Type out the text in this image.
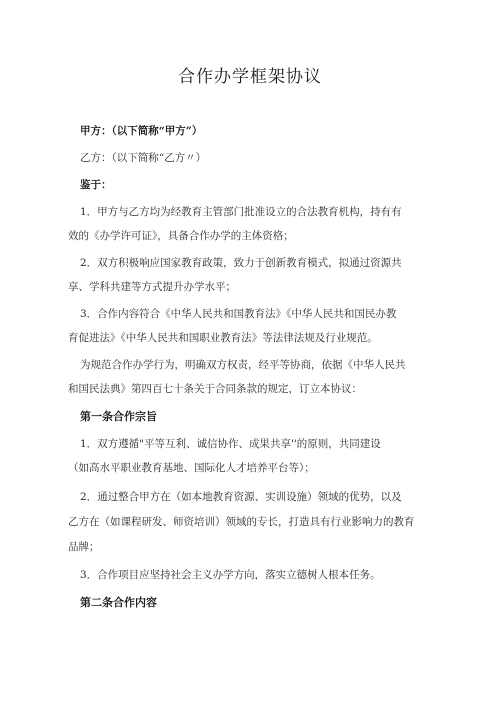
合作办学框架协议
甲方：（以下简称“甲方”）
乙方：（以下简称“乙方〃）
鉴于：
1．甲方与乙方均为经教育主管部门批准设立的合法教育机构，持有有
效的《办学许可证》，具备合作办学的主体资格；
2．双方积极响应国家教育政策，致力于创新教育模式，拟通过资源共
享、学科共建等方式提升办学水平；
3．合作内容符合《中华人民共和国教育法》《中华人民共和国民办教
育促进法》《中华人民共和国职业教育法》等法律法规及行业规范。
为规范合作办学行为，明确双方权责，经平等协商，依据《中华人民共
和国民法典》第四百七十条关于合同条款的规定，订立本协议：
第一条合作宗旨
1．双方遵循"平等互利、诚信协作、成果共享''的原则，共同建设
（如高水平职业教育基地、国际化人才培养平台等）；
2．通过整合甲方在（如本地教育资源、实训设施）领域的优势，以及
乙方在（如课程研发、师资培训）领域的专长，打造具有行业影响力的教育
品牌；
3．合作项目应坚持社会主义办学方向，落实立德树人根本任务。
第二条合作内容
